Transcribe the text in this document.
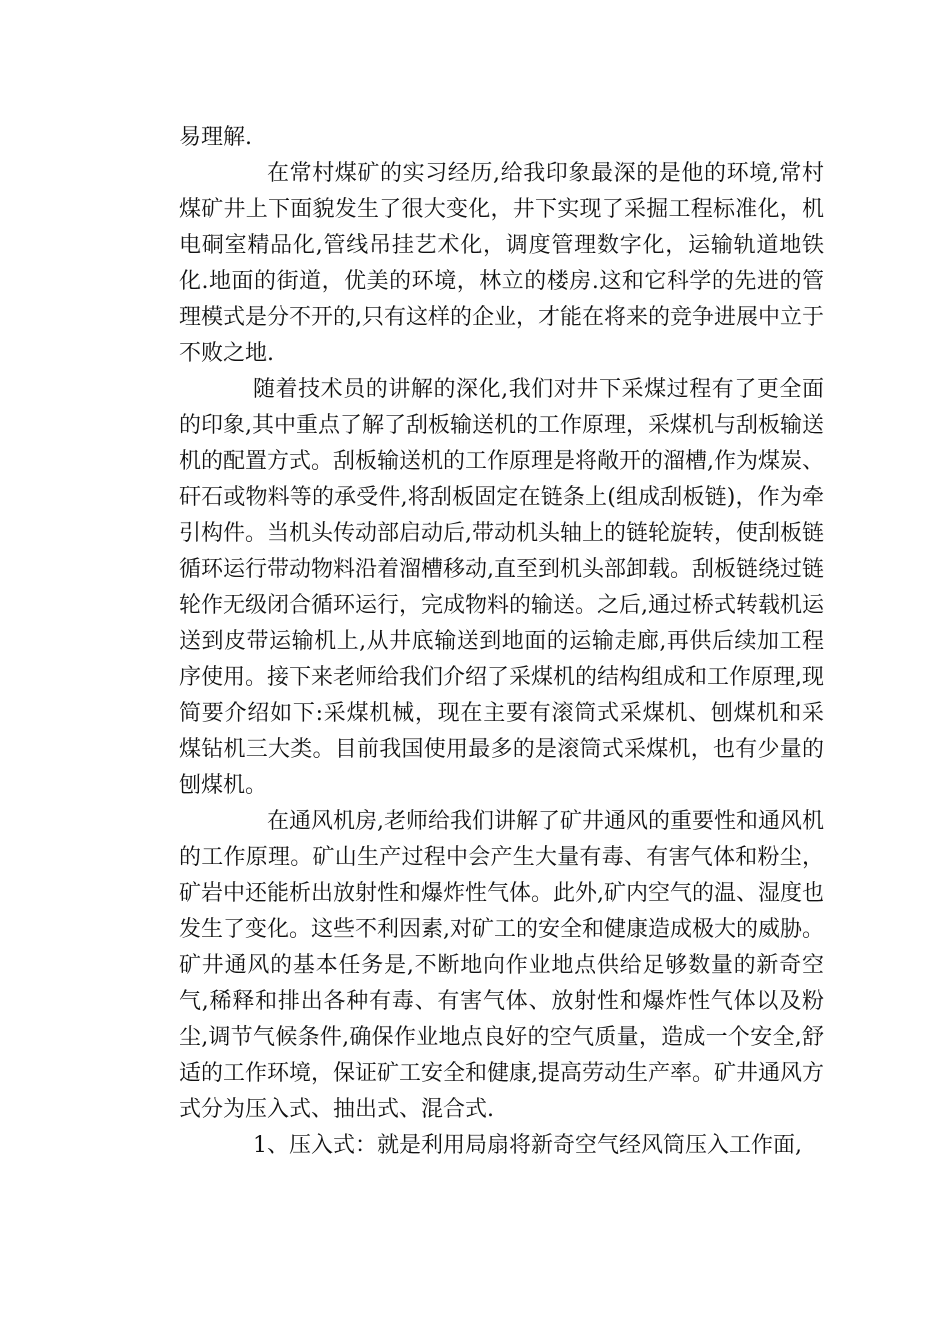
易理解.

在常村煤矿的实习经历,给我印象最深的是他的环境,常村煤矿井上下面貌发生了很大变化，井下实现了采掘工程标准化，机电硐室精品化,管线吊挂艺术化，调度管理数字化，运输轨道地铁化.地面的街道，优美的环境，林立的楼房.这和它科学的先进的管理模式是分不开的,只有这样的企业，才能在将来的竞争进展中立于不败之地.

随着技术员的讲解的深化,我们对井下采煤过程有了更全面的印象,其中重点了解了刮板输送机的工作原理，采煤机与刮板输送机的配置方式。刮板输送机的工作原理是将敞开的溜槽,作为煤炭、矸石或物料等的承受件,将刮板固定在链条上(组成刮板链)，作为牵引构件。当机头传动部启动后,带动机头轴上的链轮旋转，使刮板链循环运行带动物料沿着溜槽移动,直至到机头部卸载。刮板链绕过链轮作无级闭合循环运行，完成物料的输送。之后,通过桥式转载机运送到皮带运输机上,从井底输送到地面的运输走廊,再供后续加工程序使用。接下来老师给我们介绍了采煤机的结构组成和工作原理,现简要介绍如下:采煤机械，现在主要有滚筒式采煤机、刨煤机和采煤钻机三大类。目前我国使用最多的是滚筒式采煤机，也有少量的刨煤机。

在通风机房,老师给我们讲解了矿井通风的重要性和通风机的工作原理。矿山生产过程中会产生大量有毒、有害气体和粉尘，矿岩中还能析出放射性和爆炸性气体。此外,矿内空气的温、湿度也发生了变化。这些不利因素,对矿工的安全和健康造成极大的威胁。矿井通风的基本任务是,不断地向作业地点供给足够数量的新奇空气,稀释和排出各种有毒、有害气体、放射性和爆炸性气体以及粉尘,调节气候条件,确保作业地点良好的空气质量，造成一个安全,舒适的工作环境，保证矿工安全和健康,提高劳动生产率。矿井通风方式分为压入式、抽出式、混合式.

1、压入式：就是利用局扇将新奇空气经风筒压入工作面,
